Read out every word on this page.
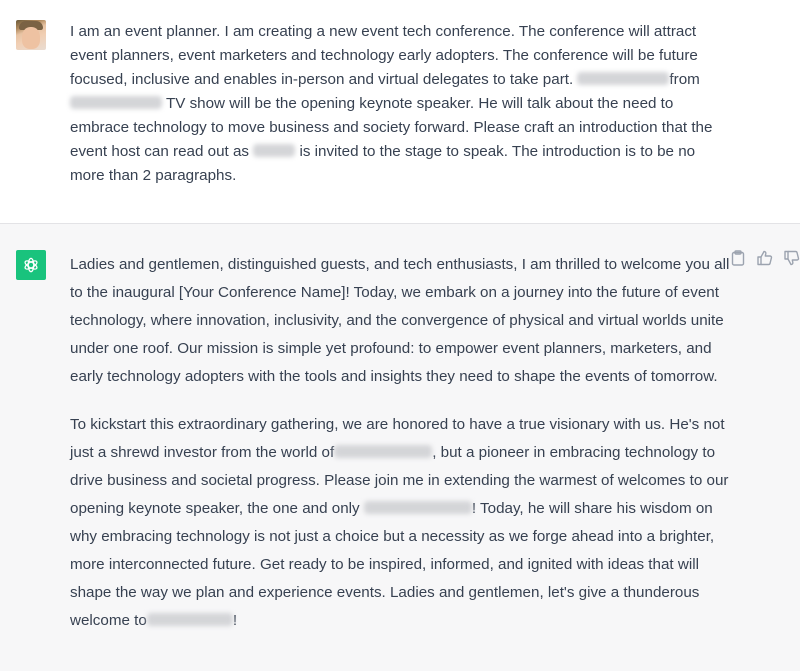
I am an event planner. I am creating a new event tech conference. The conference will attract event planners, event marketers and technology early adopters. The conference will be future focused, inclusive and enables in-person and virtual delegates to take part.	from  TV show will be the opening keynote speaker. He will talk about the need to embrace technology to move business and society forward. Please craft an introduction that the event host can read out as	is invited to the stage to speak. The introduction is to be no more than 2 paragraphs.

Ladies and gentlemen, distinguished guests, and tech enthusiasts, I am thrilled to welcome you all to the inaugural [Your Conference Name]! Today, we embark on a journey into the future of event technology, where innovation, inclusivity, and the convergence of physical and virtual worlds unite under one roof. Our mission is simple yet profound: to empower event planners, marketers, and early technology adopters with the tools and insights they need to shape the events of tomorrow.

To kickstart this extraordinary gathering, we are honored to have a true visionary with us. He's not just a shrewd investor from the world of	, but a pioneer in embracing technology to drive business and societal progress. Please join me in extending the warmest of welcomes to our opening keynote speaker, the one and only	! Today, he will share his wisdom on why embracing technology is not just a choice but a necessity as we forge ahead into a brighter, more interconnected future. Get ready to be inspired, informed, and ignited with ideas that will shape the way we plan and experience events. Ladies and gentlemen, let's give a thunderous welcome to	!
